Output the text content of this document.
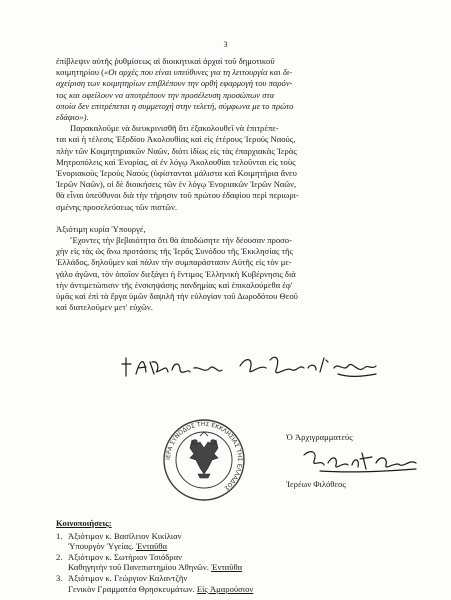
3

ἐπίβλεψιν αὐτῆς ῥυθμίσεως αἱ διοικητικαὶ ἀρχαὶ τοῦ δημοτικοῦ

κοιμητηρίου («Οι αρχές που είναι υπεύθυνες για τη λειτουργία και δι-

αχείριση των κοιμητηρίων επιβλέπουν την ορθή εφαρμογή του παρόν-

τος και οφείλουν να αποτρέπουν την προσέλευση προσώπων στα

οποία δεν επιτρέπεται η συμμετοχή στην τελετή, σύμφωνα με το πρώτο

εδάφιο»).

Παρακαλοῦμε νὰ διευκρινισθῆ ὅτι ἐξακολουθεῖ νὰ ἐπιτρέπε-

ται καὶ ἡ τέλεσις Ἐξοδίου Ἀκολουθίας καὶ εἰς ἑτέρους Ἱερούς Ναούς,

πλὴν τῶν Κοιμητηριακῶν Ναῶν, διότι ἰδίως εἰς τὰς ἐπαρχιακὰς Ἱερὰς

Μητροπόλεις καὶ Ἐνορίας, αἱ ἐν λόγῳ Ἀκολουθίαι τελοῦνται εἰς τοὺς

Ἐνοριακοὺς Ἱεροὺς Ναούς (ὑφίστανται μάλιστα καὶ Κοιμητήρια ἄνευ

Ἱερῶν Ναῶν), οἱ δὲ διοικήσεις τῶν ἐν λόγῳ Ἐνοριακῶν Ἱερῶν Ναῶν,

θὰ εἶναι ὑπεύθυνοι διὰ τὴν τήρησιν τοῦ πρώτου ἐδαφίου περὶ περιωρι-

σμένης προσελεύσεως τῶν πιστῶν.

Ἀξιότιμη κυρία Ὑπουργέ,

Ἔχοντες τὴν βεβαιότητα ὅτι θὰ ἀποδώσητε τὴν δέουσαν προσο-

χὴν εἰς τὰς ὡς ἄνω προτάσεις τῆς Ἱερᾶς Συνόδου τῆς Ἐκκλησίας τῆς

Ἑλλάδος, δηλοῦμεν καὶ πάλιν τὴν συμπαράστασιν Αὐτῆς εἰς τὸν με-

γάλο ἀγῶνα, τὸν ὁποῖον διεξάγει ἡ ἔντιμος Ἑλληνικὴ Κυβέρνησις διὰ

τὴν ἀντιμετώπισιν τῆς ἐνσκηψάσης πανδημίας καὶ ἐπικαλούμεθα ἐφ'

ὑμᾶς καὶ ἐπὶ τὰ ἔργα ὑμῶν δαψιλῆ τὴν εὐλογίαν τοῦ Δωροδότου Θεοῦ

καὶ διατελοῦμεν μετ' εὐχῶν.

ΙΕΡΑ ΣΥΝΟΔΟΣ ΤΗΣ ΕΚΚΛΗΣΙΑΣ ΤΗΣ ΕΛΛΑΔΟΣ
Ὁ Ἀρχιγραμματεύς
Ἱερέων Φιλόθεος
Κοινοποιήσεις:
1. Ἀξιότιμον κ. Βασίλειον Κικίλιαν
Ὑπουργὸν Ὑγείας. Ἐνταῦθα
2. Ἀξιότιμον κ. Σωτήριον Τσιόδραν
Καθηγητὴν τοῦ Πανεπιστημίου Ἀθηνῶν. Ἐνταῦθα
3. Ἀξιότιμον κ. Γεώργιον Καλαντζῆν
Γενικὸν Γραμματέα Θρησκευμάτων. Εἰς Ἀμαρούσιον
